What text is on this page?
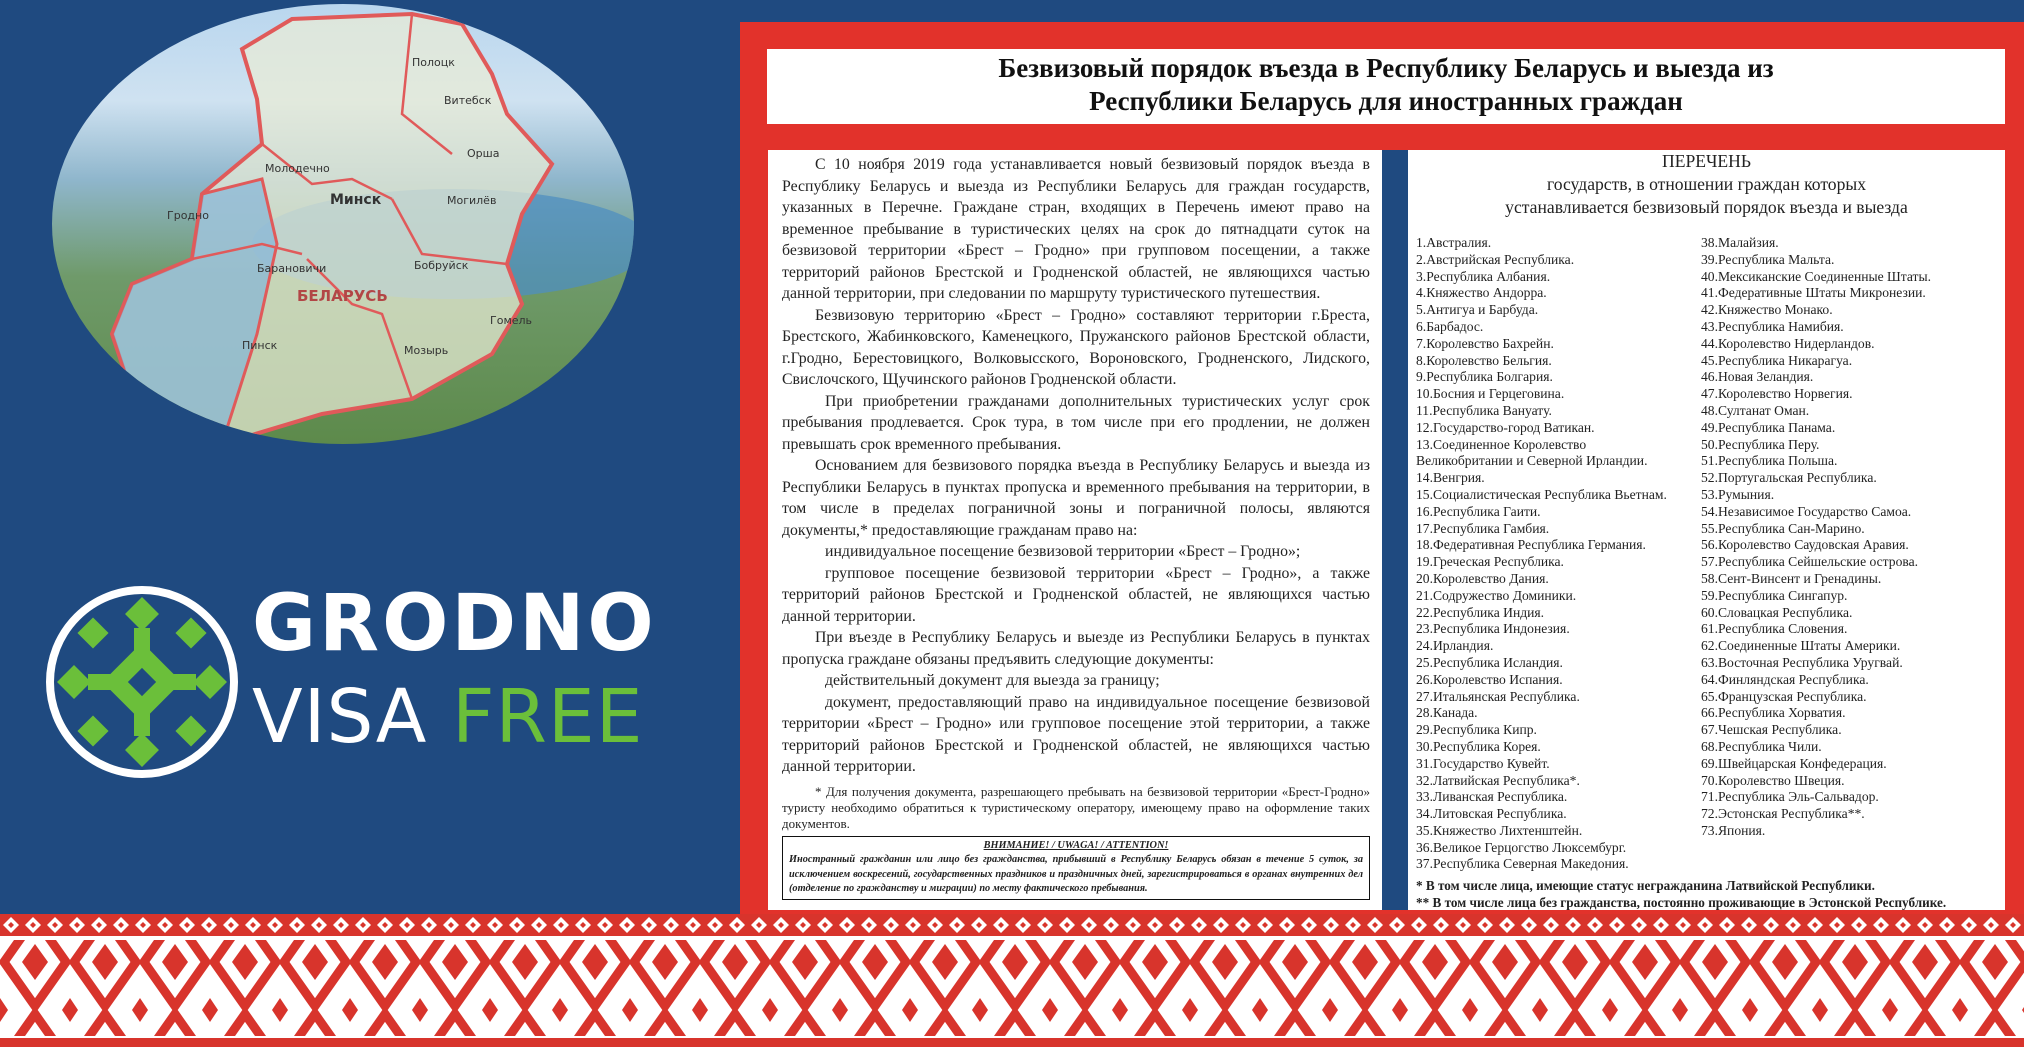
Полоцк
Витебск
Орша
Молодечно
Минск	Могилёв
Гродно
Бобруйск
Барановичи
БЕЛАРУСЬ
Гомель
Мозырь
Пинск
GRODNO
VISA FREE
Безвизовый порядок въезда в Республику Беларусь и выезда из
Республики Беларусь для иностранных граждан

С 10 ноября 2019 года устанавливается новый безвизовый порядок въезда в Республику Беларусь и выезда из Республики Беларусь для граждан государств, указанных в Перечне. Граждане стран, входящих в Перечень имеют право на временное пребывание в туристических целях на срок до пятнадцати суток на безвизовой территории «Брест – Гродно» при групповом посещении, а также территорий районов Брестской и Гродненской областей, не являющихся частью данной территории, при следовании по маршруту туристического путешествия.

Безвизовую территорию «Брест – Гродно» составляют территории г.Бреста, Брестского, Жабинковского, Каменецкого, Пружанского районов Брестской области, г.Гродно, Берестовицкого, Волковысского, Вороновского, Гродненского, Лидского, Свислочского, Щучинского районов Гродненской области.

При приобретении гражданами дополнительных туристических услуг срок пребывания продлевается. Срок тура, в том числе при его продлении, не должен превышать срок временного пребывания.

Основанием для безвизового порядка въезда в Республику Беларусь и выезда из Республики Беларусь в пунктах пропуска и временного пребывания на территории, в том числе в пределах пограничной зоны и пограничной полосы, являются документы,* предоставляющие гражданам право на:

индивидуальное посещение безвизовой территории «Брест – Гродно»;

групповое посещение безвизовой территории «Брест – Гродно», а также территорий районов Брестской и Гродненской областей, не являющихся частью данной территории.

При въезде в Республику Беларусь и выезде из Республики Беларусь в пунктах пропуска граждане обязаны предъявить следующие документы:

действительный документ для выезда за границу;

документ, предоставляющий право на индивидуальное посещение безвизовой территории «Брест – Гродно» или групповое посещение этой территории, а также территорий районов Брестской и Гродненской областей, не являющихся частью данной территории.

* Для получения документа, разрешающего пребывать на безвизовой территории «Брест-Гродно» туристу необходимо обратиться к туристическому оператору, имеющему право на оформление таких документов.

ВНИМАНИЕ! / UWAGA! / ATTENTION!
Иностранный гражданин или лицо без гражданства, прибывший в Республику Беларусь обязан в течение 5 суток, за исключением воскресений, государственных праздников и праздничных дней, зарегистрироваться в органах внутренних дел (отделение по гражданству и миграции) по месту фактического пребывания.
ПЕРЕЧЕНЬ
государств, в отношении граждан которых
устанавливается безвизовый порядок въезда и выезда
1.Австралия.
2.Австрийская Республика.
3.Республика Албания.
4.Княжество Андорра.
5.Антигуа и Барбуда.
6.Барбадос.
7.Королевство Бахрейн.
8.Королевство Бельгия.
9.Республика Болгария.
10.Босния и Герцеговина.
11.Республика Вануату.
12.Государство-город Ватикан.
13.Соединенное Королевство
Великобритании и Северной Ирландии.
14.Венгрия.
15.Социалистическая Республика Вьетнам.
16.Республика Гаити.
17.Республика Гамбия.
18.Федеративная Республика Германия.
19.Греческая Республика.
20.Королевство Дания.
21.Содружество Доминики.
22.Республика Индия.
23.Республика Индонезия.
24.Ирландия.
25.Республика Исландия.
26.Королевство Испания.
27.Итальянская Республика.
28.Канада.
29.Республика Кипр.
30.Республика Корея.
31.Государство Кувейт.
32.Латвийская Республика*.
33.Ливанская Республика.
34.Литовская Республика.
35.Княжество Лихтенштейн.
36.Великое Герцогство Люксембург.
37.Республика Северная Македония.
38.Малайзия.
39.Республика Мальта.
40.Мексиканские Соединенные Штаты.
41.Федеративные Штаты Микронезии.
42.Княжество Монако.
43.Республика Намибия.
44.Королевство Нидерландов.
45.Республика Никарагуа.
46.Новая Зеландия.
47.Королевство Норвегия.
48.Султанат Оман.
49.Республика Панама.
50.Республика Перу.
51.Республика Польша.
52.Португальская Республика.
53.Румыния.
54.Независимое Государство Самоа.
55.Республика Сан-Марино.
56.Королевство Саудовская Аравия.
57.Республика Сейшельские острова.
58.Сент-Винсент и Гренадины.
59.Республика Сингапур.
60.Словацкая Республика.
61.Республика Словения.
62.Соединенные Штаты Америки.
63.Восточная Республика Уругвай.
64.Финляндская Республика.
65.Французская Республика.
66.Республика Хорватия.
67.Чешская Республика.
68.Республика Чили.
69.Швейцарская Конфедерация.
70.Королевство Швеция.
71.Республика Эль-Сальвадор.
72.Эстонская Республика**.
73.Япония.
* В том числе лица, имеющие статус негражданина Латвийской Республики.
** В том числе лица без гражданства, постоянно проживающие в Эстонской Республике.
